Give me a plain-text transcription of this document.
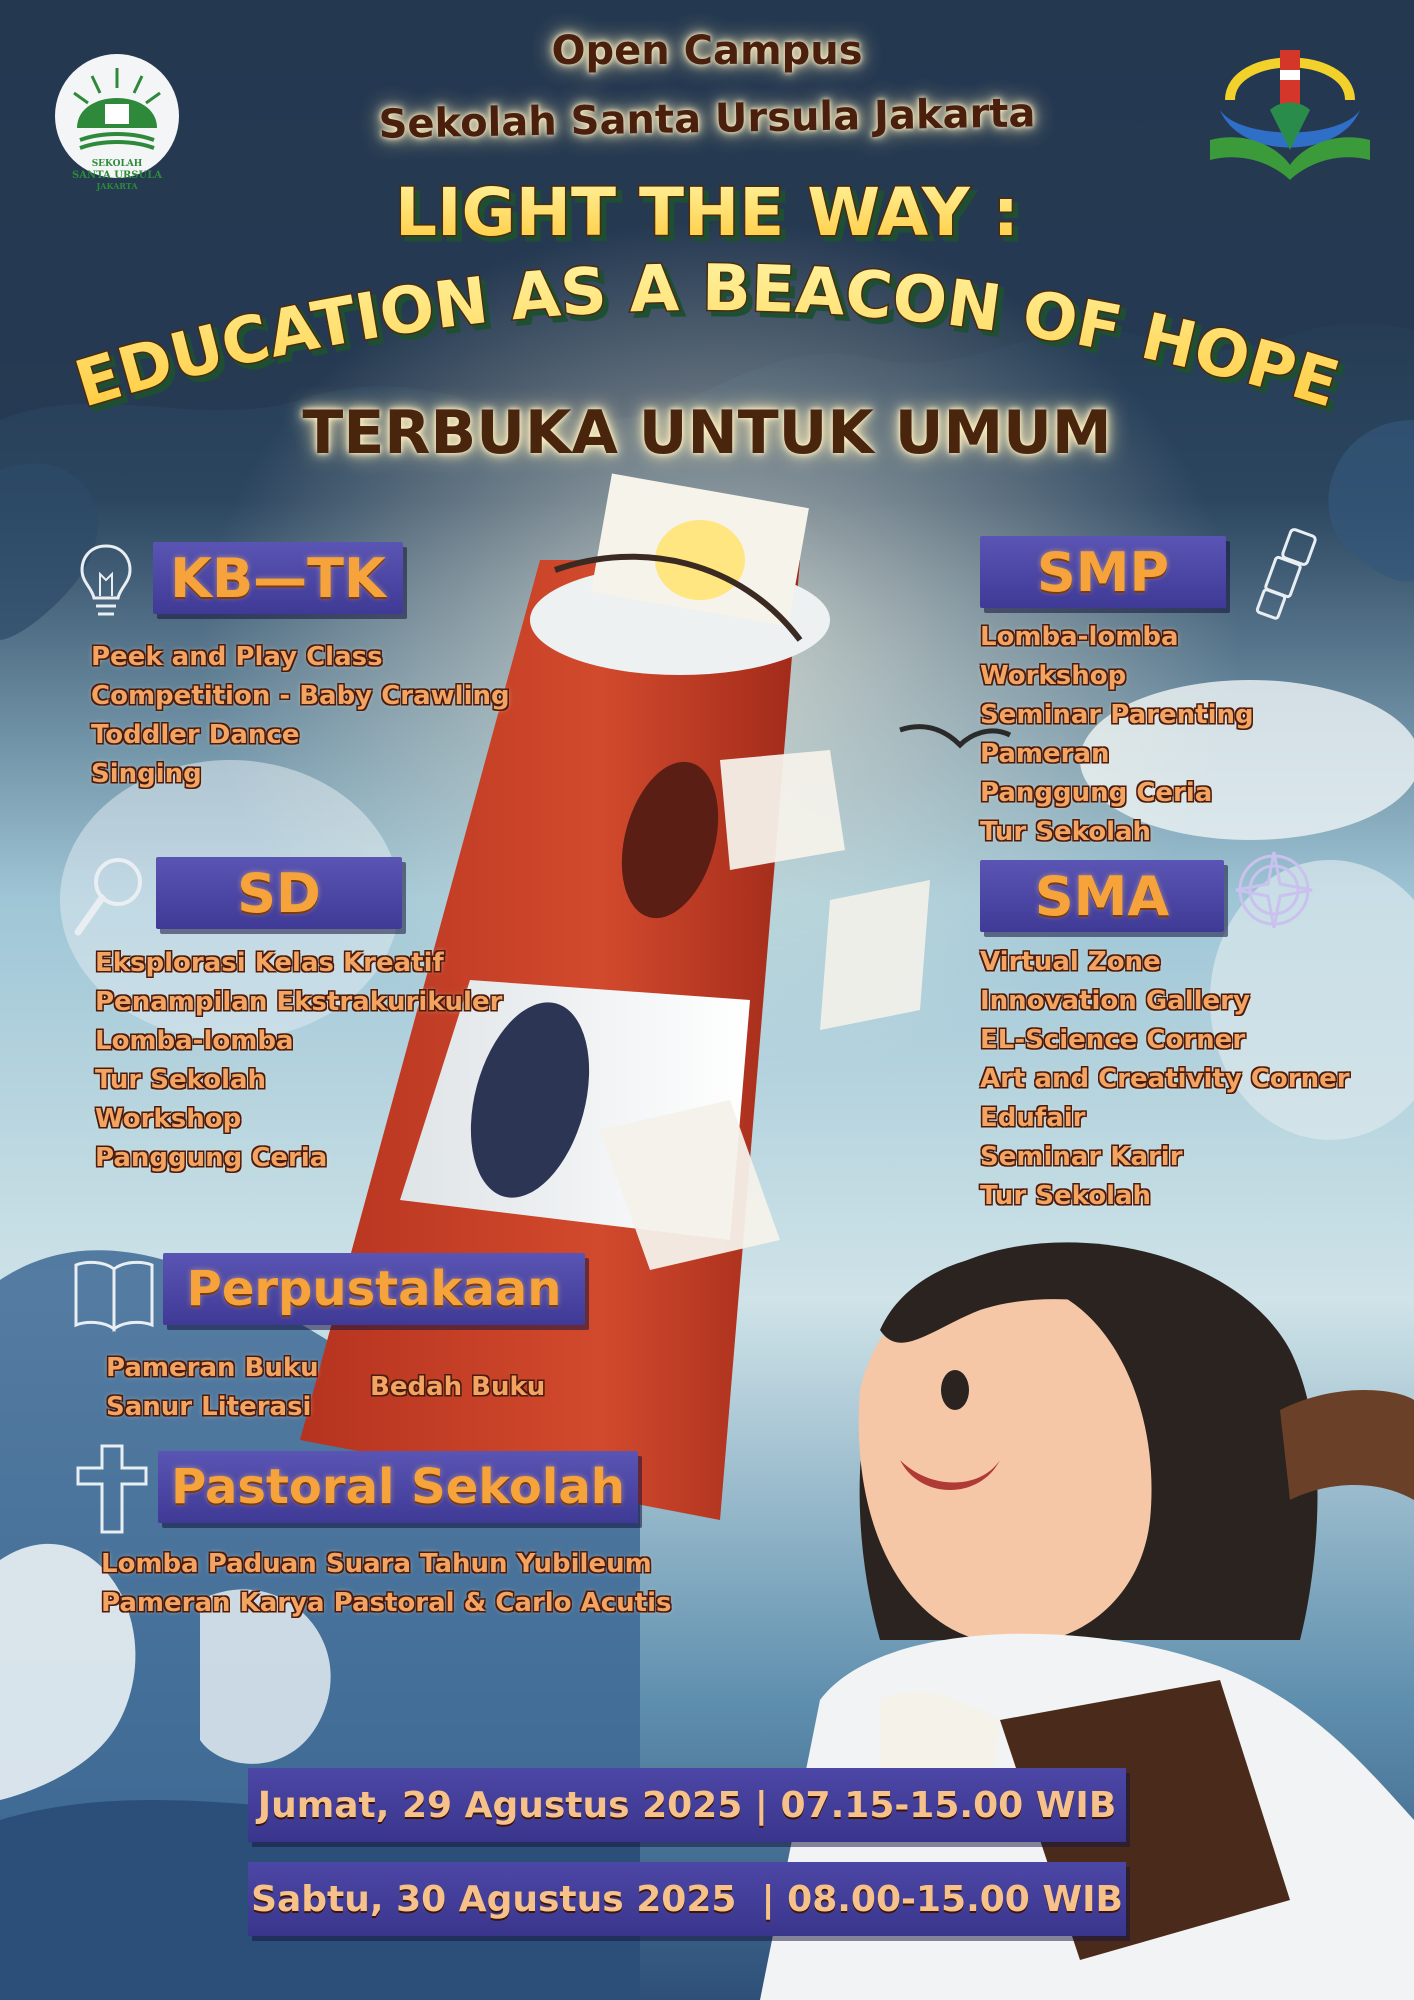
SEKOLAH
SANTA URSULA
JAKARTA
Open Campus
Sekolah Santa Ursula Jakarta
LIGHT THE WAY :
EDUCATION AS A BEACON OF HOPE
TERBUKA UNTUK UMUM
KB—TK
Peek and Play Class
Competition - Baby Crawling
Toddler Dance
Singing
SMP
Lomba-lomba
Workshop
Seminar Parenting
Pameran
Panggung Ceria
Tur Sekolah
SD
Eksplorasi Kelas Kreatif
Penampilan Ekstrakurikuler
Lomba-lomba
Tur Sekolah
Workshop
Panggung Ceria
SMA
Virtual Zone
Innovation Gallery
EL-Science Corner
Art and Creativity Corner
Edufair
Seminar Karir
Tur Sekolah
Perpustakaan
Pameran Buku
Sanur Literasi
Bedah Buku
Pastoral Sekolah
Lomba Paduan Suara Tahun Yubileum
Pameran Karya Pastoral & Carlo Acutis
Jumat, 29 Agustus 2025 | 07.15-15.00 WIB
Sabtu, 30 Agustus 2025  | 08.00-15.00 WIB
